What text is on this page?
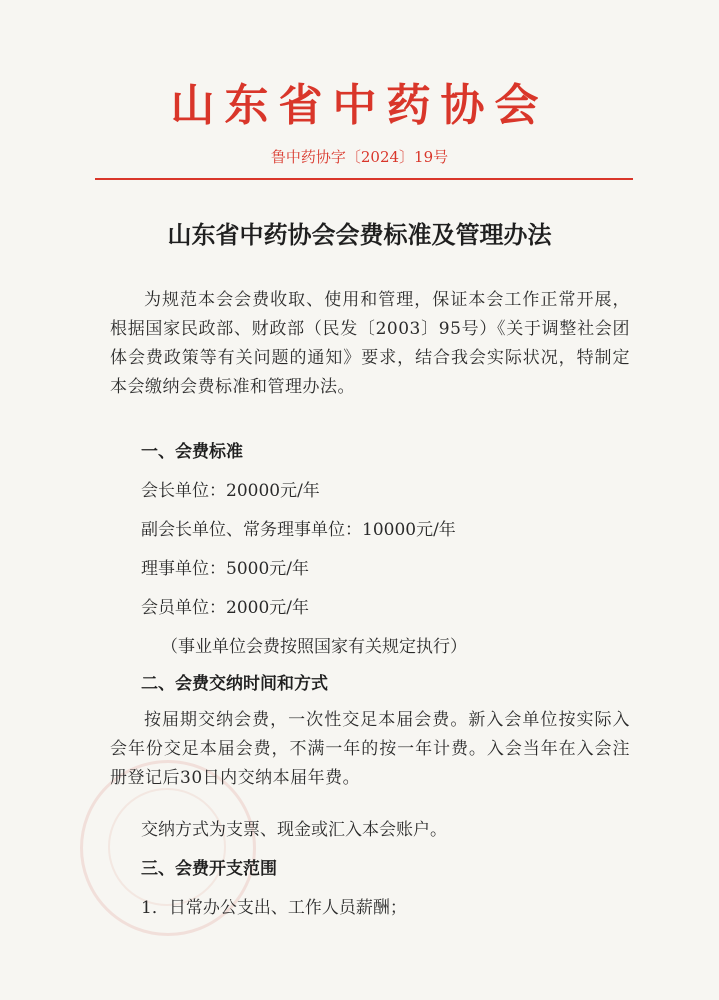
山东省中药协会
鲁中药协字〔2024〕19号
山东省中药协会会费标准及管理办法

为规范本会会费收取、使用和管理，保证本会工作正常开展，根据国家民政部、财政部（民发〔2003〕95号）《关于调整社会团体会费政策等有关问题的通知》要求，结合我会实际状况，特制定本会缴纳会费标准和管理办法。

一、会费标准
会长单位：20000元/年
副会长单位、常务理事单位：10000元/年
理事单位：5000元/年
会员单位：2000元/年
（事业单位会费按照国家有关规定执行）
二、会费交纳时间和方式

按届期交纳会费，一次性交足本届会费。新入会单位按实际入会年份交足本届会费，不满一年的按一年计费。入会当年在入会注册登记后30日内交纳本届年费。

交纳方式为支票、现金或汇入本会账户。
三、会费开支范围
1．日常办公支出、工作人员薪酬；
